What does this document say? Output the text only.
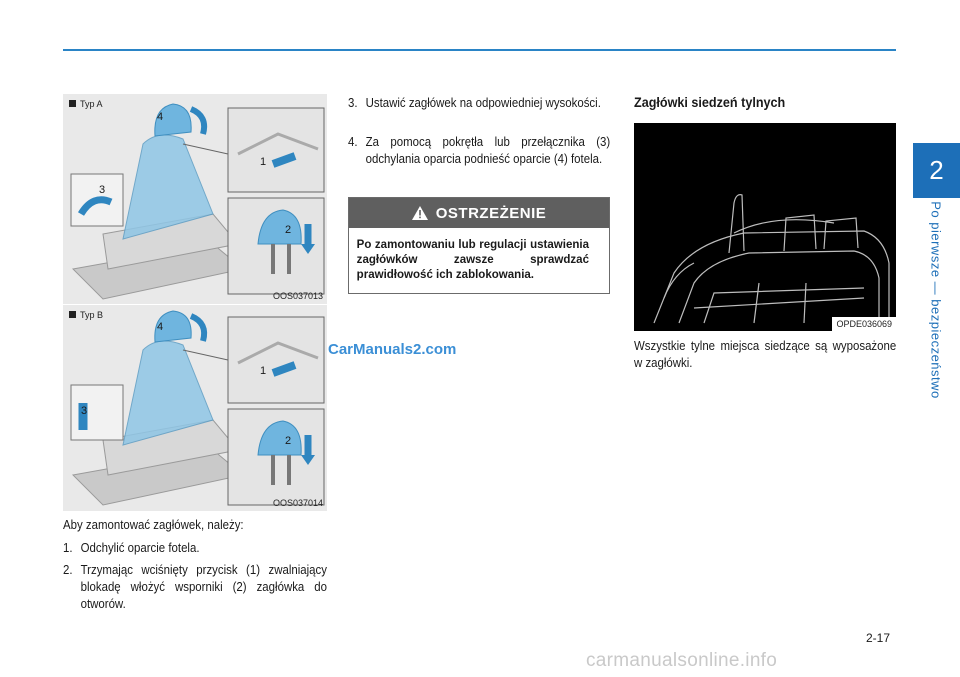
2
Po pierwsze — bezpieczeństwo
Typ A
4
3
1
2
OOS037013
Typ B
4
3
1
2
OOS037014
Aby zamontować zagłówek, należy:
1. Odchylić oparcie fotela.
2. Trzymając wciśnięty przycisk (1) zwalniający blokadę włożyć wsporniki (2) zagłówka do otworów.
3. Ustawić zagłówek na odpowiedniej wysokości.
4. Za pomocą pokrętła lub przełącznika (3) odchylania oparcia podnieść oparcie (4) fotela.
OSTRZEŻENIE
Po zamontowaniu lub regulacji ustawienia zagłówków zawsze sprawdzać prawidłowość ich zablokowania.
CarManuals2.com
Zagłówki siedzeń tylnych
OPDE036069
Wszystkie tylne miejsca siedzące są wyposażone w zagłówki.
2-17
carmanualsonline.info
